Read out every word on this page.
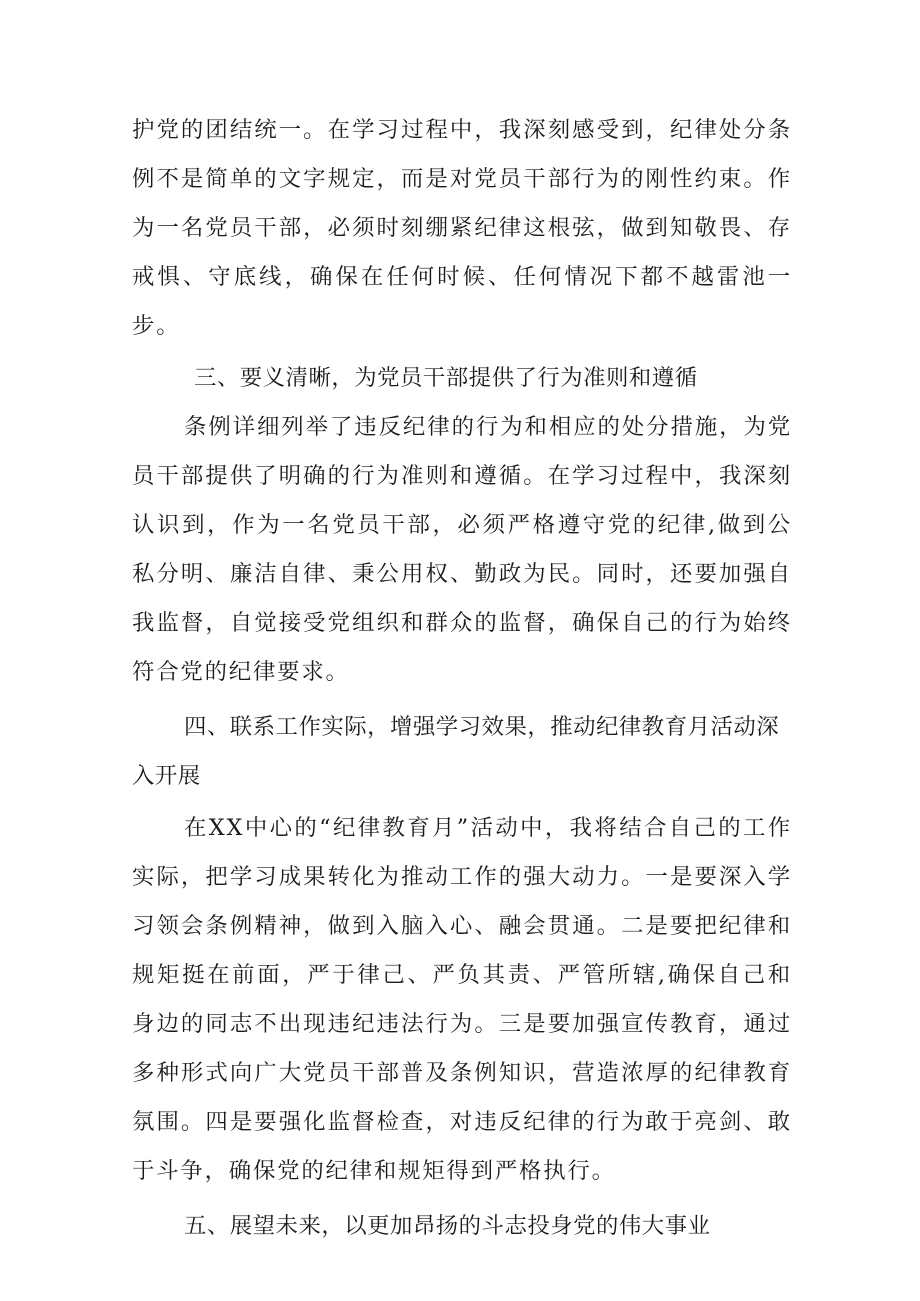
护党的团结统一。在学习过程中，我深刻感受到，纪律处分条例不是简单的文字规定，而是对党员干部行为的刚性约束。作为一名党员干部，必须时刻绷紧纪律这根弦，做到知敬畏、存戒惧、守底线，确保在任何时候、任何情况下都不越雷池一步。

三、要义清晰，为党员干部提供了行为准则和遵循

条例详细列举了违反纪律的行为和相应的处分措施，为党员干部提供了明确的行为准则和遵循。在学习过程中，我深刻认识到，作为一名党员干部，必须严格遵守党的纪律,做到公私分明、廉洁自律、秉公用权、勤政为民。同时，还要加强自我监督，自觉接受党组织和群众的监督，确保自己的行为始终符合党的纪律要求。

四、联系工作实际，增强学习效果，推动纪律教育月活动深入开展

在XX中心的“纪律教育月”活动中，我将结合自己的工作实际，把学习成果转化为推动工作的强大动力。一是要深入学习领会条例精神，做到入脑入心、融会贯通。二是要把纪律和规矩挺在前面，严于律己、严负其责、严管所辖,确保自己和身边的同志不出现违纪违法行为。三是要加强宣传教育，通过多种形式向广大党员干部普及条例知识，营造浓厚的纪律教育氛围。四是要强化监督检查，对违反纪律的行为敢于亮剑、敢于斗争，确保党的纪律和规矩得到严格执行。

五、展望未来，以更加昂扬的斗志投身党的伟大事业
